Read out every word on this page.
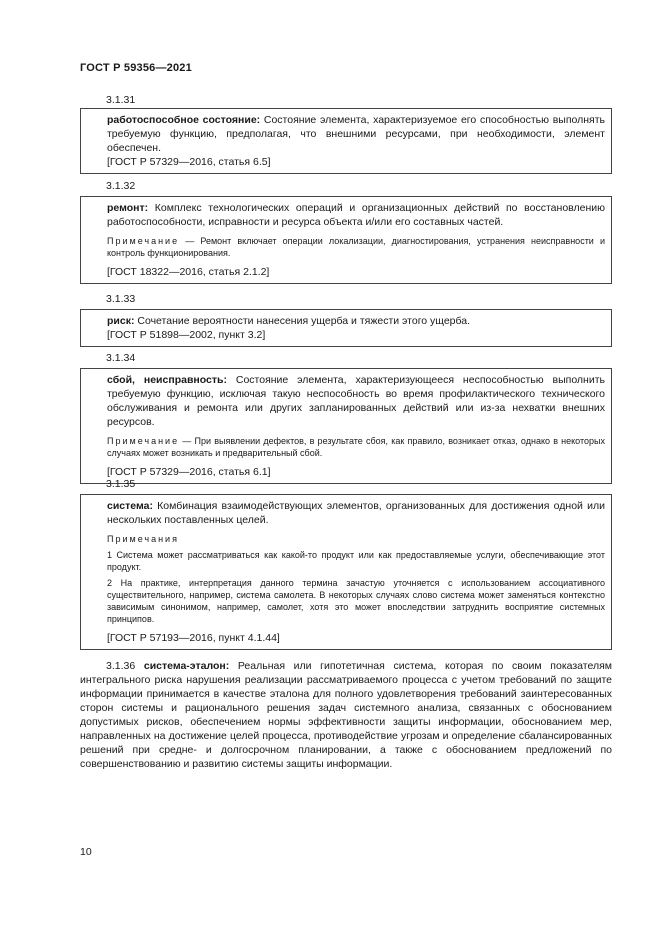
ГОСТ Р 59356—2021
3.1.31

работоспособное состояние: Состояние элемента, характеризуемое его способностью выполнять требуемую функцию, предполагая, что внешними ресурсами, при необходимости, элемент обеспечен.

[ГОСТ Р 57329—2016, статья 6.5]

3.1.32

ремонт: Комплекс технологических операций и организационных действий по восстановлению работоспособности, исправности и ресурса объекта и/или его составных частей.

Примечание — Ремонт включает операции локализации, диагностирования, устранения неисправности и контроль функционирования.

[ГОСТ 18322—2016, статья 2.1.2]

3.1.33

риск: Сочетание вероятности нанесения ущерба и тяжести этого ущерба.

[ГОСТ Р 51898—2002, пункт 3.2]

3.1.34

сбой, неисправность: Состояние элемента, характеризующееся неспособностью выполнить требуемую функцию, исключая такую неспособность во время профилактического технического обслуживания и ремонта или других запланированных действий или из-за нехватки внешних ресурсов.

Примечание — При выявлении дефектов, в результате сбоя, как правило, возникает отказ, однако в некоторых случаях может возникать и предварительный сбой.

[ГОСТ Р 57329—2016, статья 6.1]

3.1.35

система: Комбинация взаимодействующих элементов, организованных для достижения одной или нескольких поставленных целей.

Примечания

1 Система может рассматриваться как какой-то продукт или как предоставляемые услуги, обеспечивающие этот продукт.

2 На практике, интерпретация данного термина зачастую уточняется с использованием ассоциативного существительного, например, система самолета. В некоторых случаях слово система может заменяться контекстно зависимым синонимом, например, самолет, хотя это может впоследствии затруднить восприятие системных принципов.

[ГОСТ Р 57193—2016, пункт 4.1.44]

3.1.36 система-эталон: Реальная или гипотетичная система, которая по своим показателям интегрального риска нарушения реализации рассматриваемого процесса с учетом требований по защите информации принимается в качестве эталона для полного удовлетворения требований заинтересованных сторон системы и рационального решения задач системного анализа, связанных с обоснованием допустимых рисков, обеспечением нормы эффективности защиты информации, обоснованием мер, направленных на достижение целей процесса, противодействие угрозам и определение сбалансированных решений при средне- и долгосрочном планировании, а также с обоснованием предложений по совершенствованию и развитию системы защиты информации.

10
